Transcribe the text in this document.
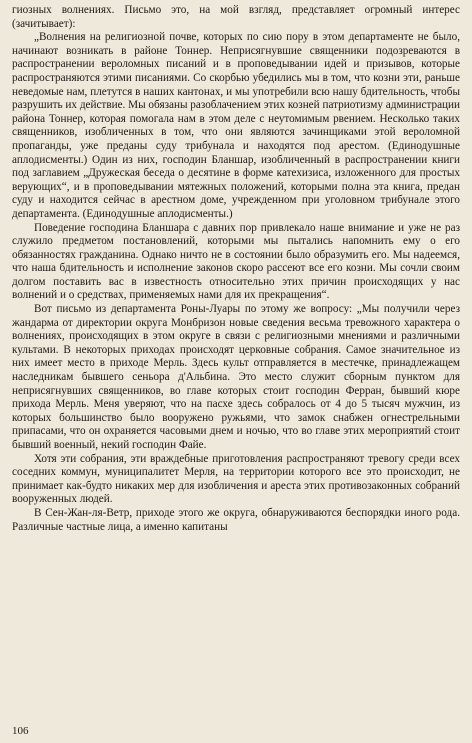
гиозных волнениях. Письмо это, на мой взгляд, представляет огромный интерес (зачитывает):

„Волнения на религиозной почве, которых по сию пору в этом департаменте не было, начинают возникать в районе Тоннер. Неприсягнувшие священники подозреваются в распространении вероломных писаний и в проповедывании идей и призывов, которые распространяются этими писаниями. Со скорбью убедились мы в том, что козни эти, раньше неведомые нам, плетутся в наших кантонах, и мы употребили всю нашу бдительность, чтобы разрушить их действие. Мы обязаны разоблачением этих козней патриотизму администрации района Тоннер, которая помогала нам в этом деле с неутомимым рвением. Несколько таких священников, изобличенных в том, что они являются зачинщиками этой вероломной пропаганды, уже преданы суду трибунала и находятся под арестом. (Единодушные аплодисменты.) Один из них, господин Бланшар, изобличенный в распространении книги под заглавием „Дружеская беседа о десятине в форме катехизиса, изложенного для простых верующих“, и в проповедывании мятежных положений, которыми полна эта книга, предан суду и находится сейчас в арестном доме, учрежденном при уголовном трибунале этого департамента. (Единодушные аплодисменты.)

Поведение господина Бланшара с давних пор привлекало наше внимание и уже не раз служило предметом постановлений, которыми мы пытались напомнить ему о его обязанностях гражданина. Однако ничто не в состоянии было образумить его. Мы надеемся, что наша бдительность и исполнение законов скоро рассеют все его козни. Мы сочли своим долгом поставить вас в известность относительно этих причин происходящих у нас волнений и о средствах, применяемых нами для их прекращения“.

Вот письмо из департамента Роны-Луары по этому же вопросу: „Мы получили через жандарма от директории округа Монбризон новые сведения весьма тревожного характера о волнениях, происходящих в этом округе в связи с религиозными мнениями и различными культами. В некоторых приходах происходят церковные собрания. Самое значительное из них имеет место в приходе Мерль. Здесь культ отправляется в местечке, принадлежащем наследникам бывшего сеньора д'Альбина. Это место служит сборным пунктом для неприсягнувших священников, во главе которых стоит господин Ферран, бывший кюре прихода Мерль. Меня уверяют, что на пасхе здесь собралось от 4 до 5 тысяч мужчин, из которых большинство было вооружено ружьями, что замок снабжен огнестрельными припасами, что он охраняется часовыми днем и ночью, что во главе этих мероприятий стоит бывший военный, некий господин Файе.

Хотя эти собрания, эти враждебные приготовления распространяют тревогу среди всех соседних коммун, муниципалитет Мерля, на территории которого все это происходит, не принимает как-будто никаких мер для изобличения и ареста этих противозаконных собраний вооруженных людей.

В Сен-Жан-ля-Ветр, приходе этого же округа, обнаруживаются беспорядки иного рода. Различные частные лица, а именно капитаны

106
